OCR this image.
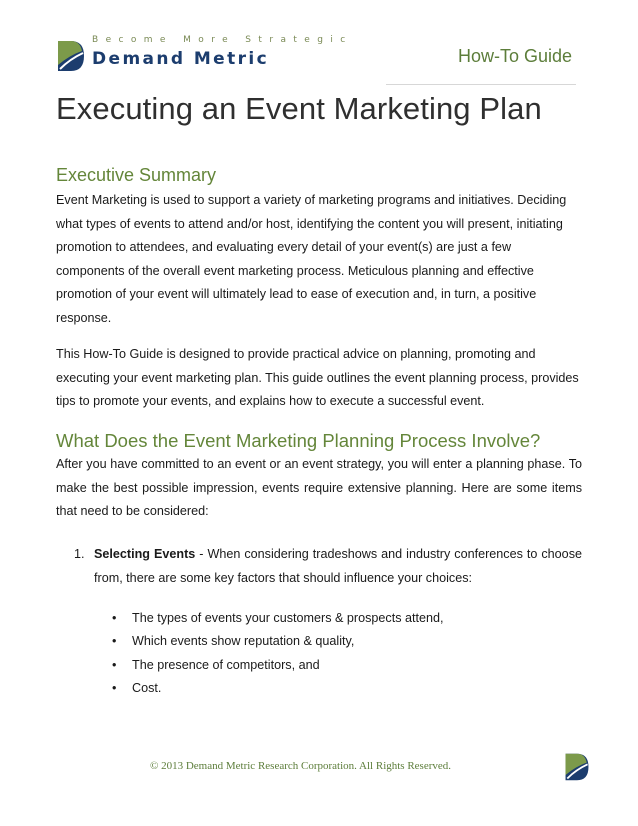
Become More Strategic
Demand Metric	How-To Guide
Executing an Event Marketing Plan
Executive Summary
Event Marketing is used to support a variety of marketing programs and initiatives. Deciding what types of events to attend and/or host, identifying the content you will present, initiating promotion to attendees, and evaluating every detail of your event(s) are just a few components of the overall event marketing process. Meticulous planning and effective promotion of your event will ultimately lead to ease of execution and, in turn, a positive response.
This How-To Guide is designed to provide practical advice on planning, promoting and executing your event marketing plan. This guide outlines the event planning process, provides tips to promote your events, and explains how to execute a successful event.
What Does the Event Marketing Planning Process Involve?
After you have committed to an event or an event strategy, you will enter a planning phase. To make the best possible impression, events require extensive planning. Here are some items that need to be considered:
1. Selecting Events - When considering tradeshows and industry conferences to choose from, there are some key factors that should influence your choices:
•	The types of events your customers & prospects attend,
•	Which events show reputation & quality,
•	The presence of competitors, and
•	Cost.
© 2013 Demand Metric Research Corporation. All Rights Reserved.
